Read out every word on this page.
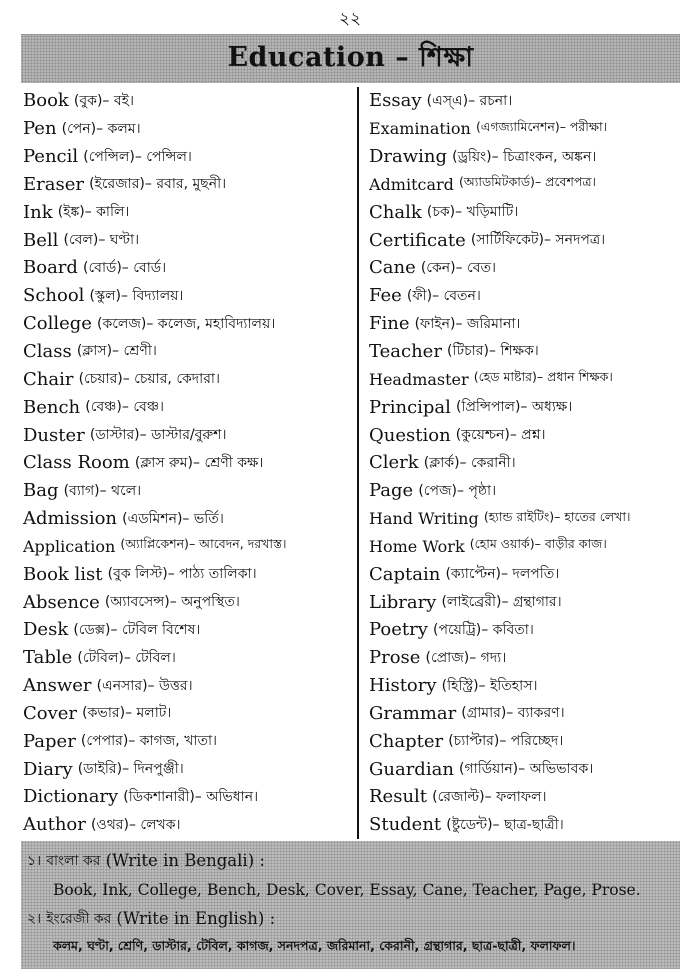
২২
Education – শিক্ষা
Book
(বুক) – বই।
Pen
(পেন) – কলম।
Pencil
(পেন্সিল) – পেন্সিল।
Eraser
(ইরেজার) – রবার, মুছনী।
Ink
(ইঙ্ক) – কালি।
Bell
(বেল) – ঘণ্টা।
Board
(বোর্ড) – বোর্ড।
School
(স্কুল) – বিদ্যালয়।
College
(কলেজ) – কলেজ, মহাবিদ্যালয়।
Class
(ক্লাস) – শ্রেণী।
Chair
(চেয়ার) – চেয়ার, কেদারা।
Bench
(বেঞ্চ) – বেঞ্চ।
Duster
(ডাস্টার) – ডাস্টার/বুরুশ।
Class Room
(ক্লাস রুম) – শ্রেণী কক্ষ।
Bag
(ব্যাগ) – থলে।
Admission
(এডমিশন) – ভর্তি।
Application
(অ্যাপ্লিকেশন) – আবেদন, দরখাস্ত।
Book list
(বুক লিস্ট) – পাঠ্য তালিকা।
Absence
(অ্যাবসেন্স) – অনুপস্থিত।
Desk
(ডেক্স) – টেবিল বিশেষ।
Table
(টেবিল) – টেবিল।
Answer
(এনসার) – উত্তর।
Cover
(কভার) – মলাট।
Paper
(পেপার) – কাগজ, খাতা।
Diary
(ডাইরি) – দিনপুঞ্জী।
Dictionary
(ডিকশানারী) – অভিধান।
Author
(ওথর) – লেখক।
Essay
(এস্এ) – রচনা।
Examination
(এগজ্যামিনেশন) – পরীক্ষা।
Drawing
(ড্রয়িং) – চিত্রাংকন, অঙ্কন।
Admitcard
(অ্যাডমিটকার্ড) – প্রবেশপত্র।
Chalk
(চক) – খড়িমাটি।
Certificate
(সার্টিফিকেট) – সনদপত্র।
Cane
(কেন) – বেত।
Fee
(ফী) – বেতন।
Fine
(ফাইন) – জরিমানা।
Teacher
(টিচার) – শিক্ষক।
Headmaster
(হেড মাষ্টার) – প্রধান শিক্ষক।
Principal
(প্রিন্সিপাল) – অধ্যক্ষ।
Question
(কুয়েশ্চন) – প্রশ্ন।
Clerk
(ক্লার্ক) – কেরানী।
Page
(পেজ) – পৃষ্ঠা।
Hand Writing
(হ্যান্ড রাইটিং) – হাতের লেখা।
Home Work
(হোম ওয়ার্ক) – বাড়ীর কাজ।
Captain
(ক্যাপ্টেন) – দলপতি।
Library
(লাইব্রেরী) – গ্রন্থাগার।
Poetry
(পয়েট্রি) – কবিতা।
Prose
(প্রোজ) – গদ্য।
History
(হিস্ট্রি) – ইতিহাস।
Grammar
(গ্রামার) – ব্যাকরণ।
Chapter
(চ্যাপ্টার) – পরিচ্ছেদ।
Guardian
(গার্ডিয়ান) – অভিভাবক।
Result
(রেজাল্ট) – ফলাফল।
Student
(ষ্টুডেন্ট) – ছাত্র-ছাত্রী।
১।
বাংলা কর
(Write in Bengali) :
Book, Ink, College, Bench, Desk, Cover, Essay, Cane, Teacher, Page, Prose.
২।
ইংরেজী কর
(Write in English) :
কলম, ঘণ্টা, শ্রেণি, ডাস্টার, টেবিল, কাগজ, সনদপত্র, জরিমানা, কেরানী, গ্রন্থাগার, ছাত্র-ছাত্রী, ফলাফল।
